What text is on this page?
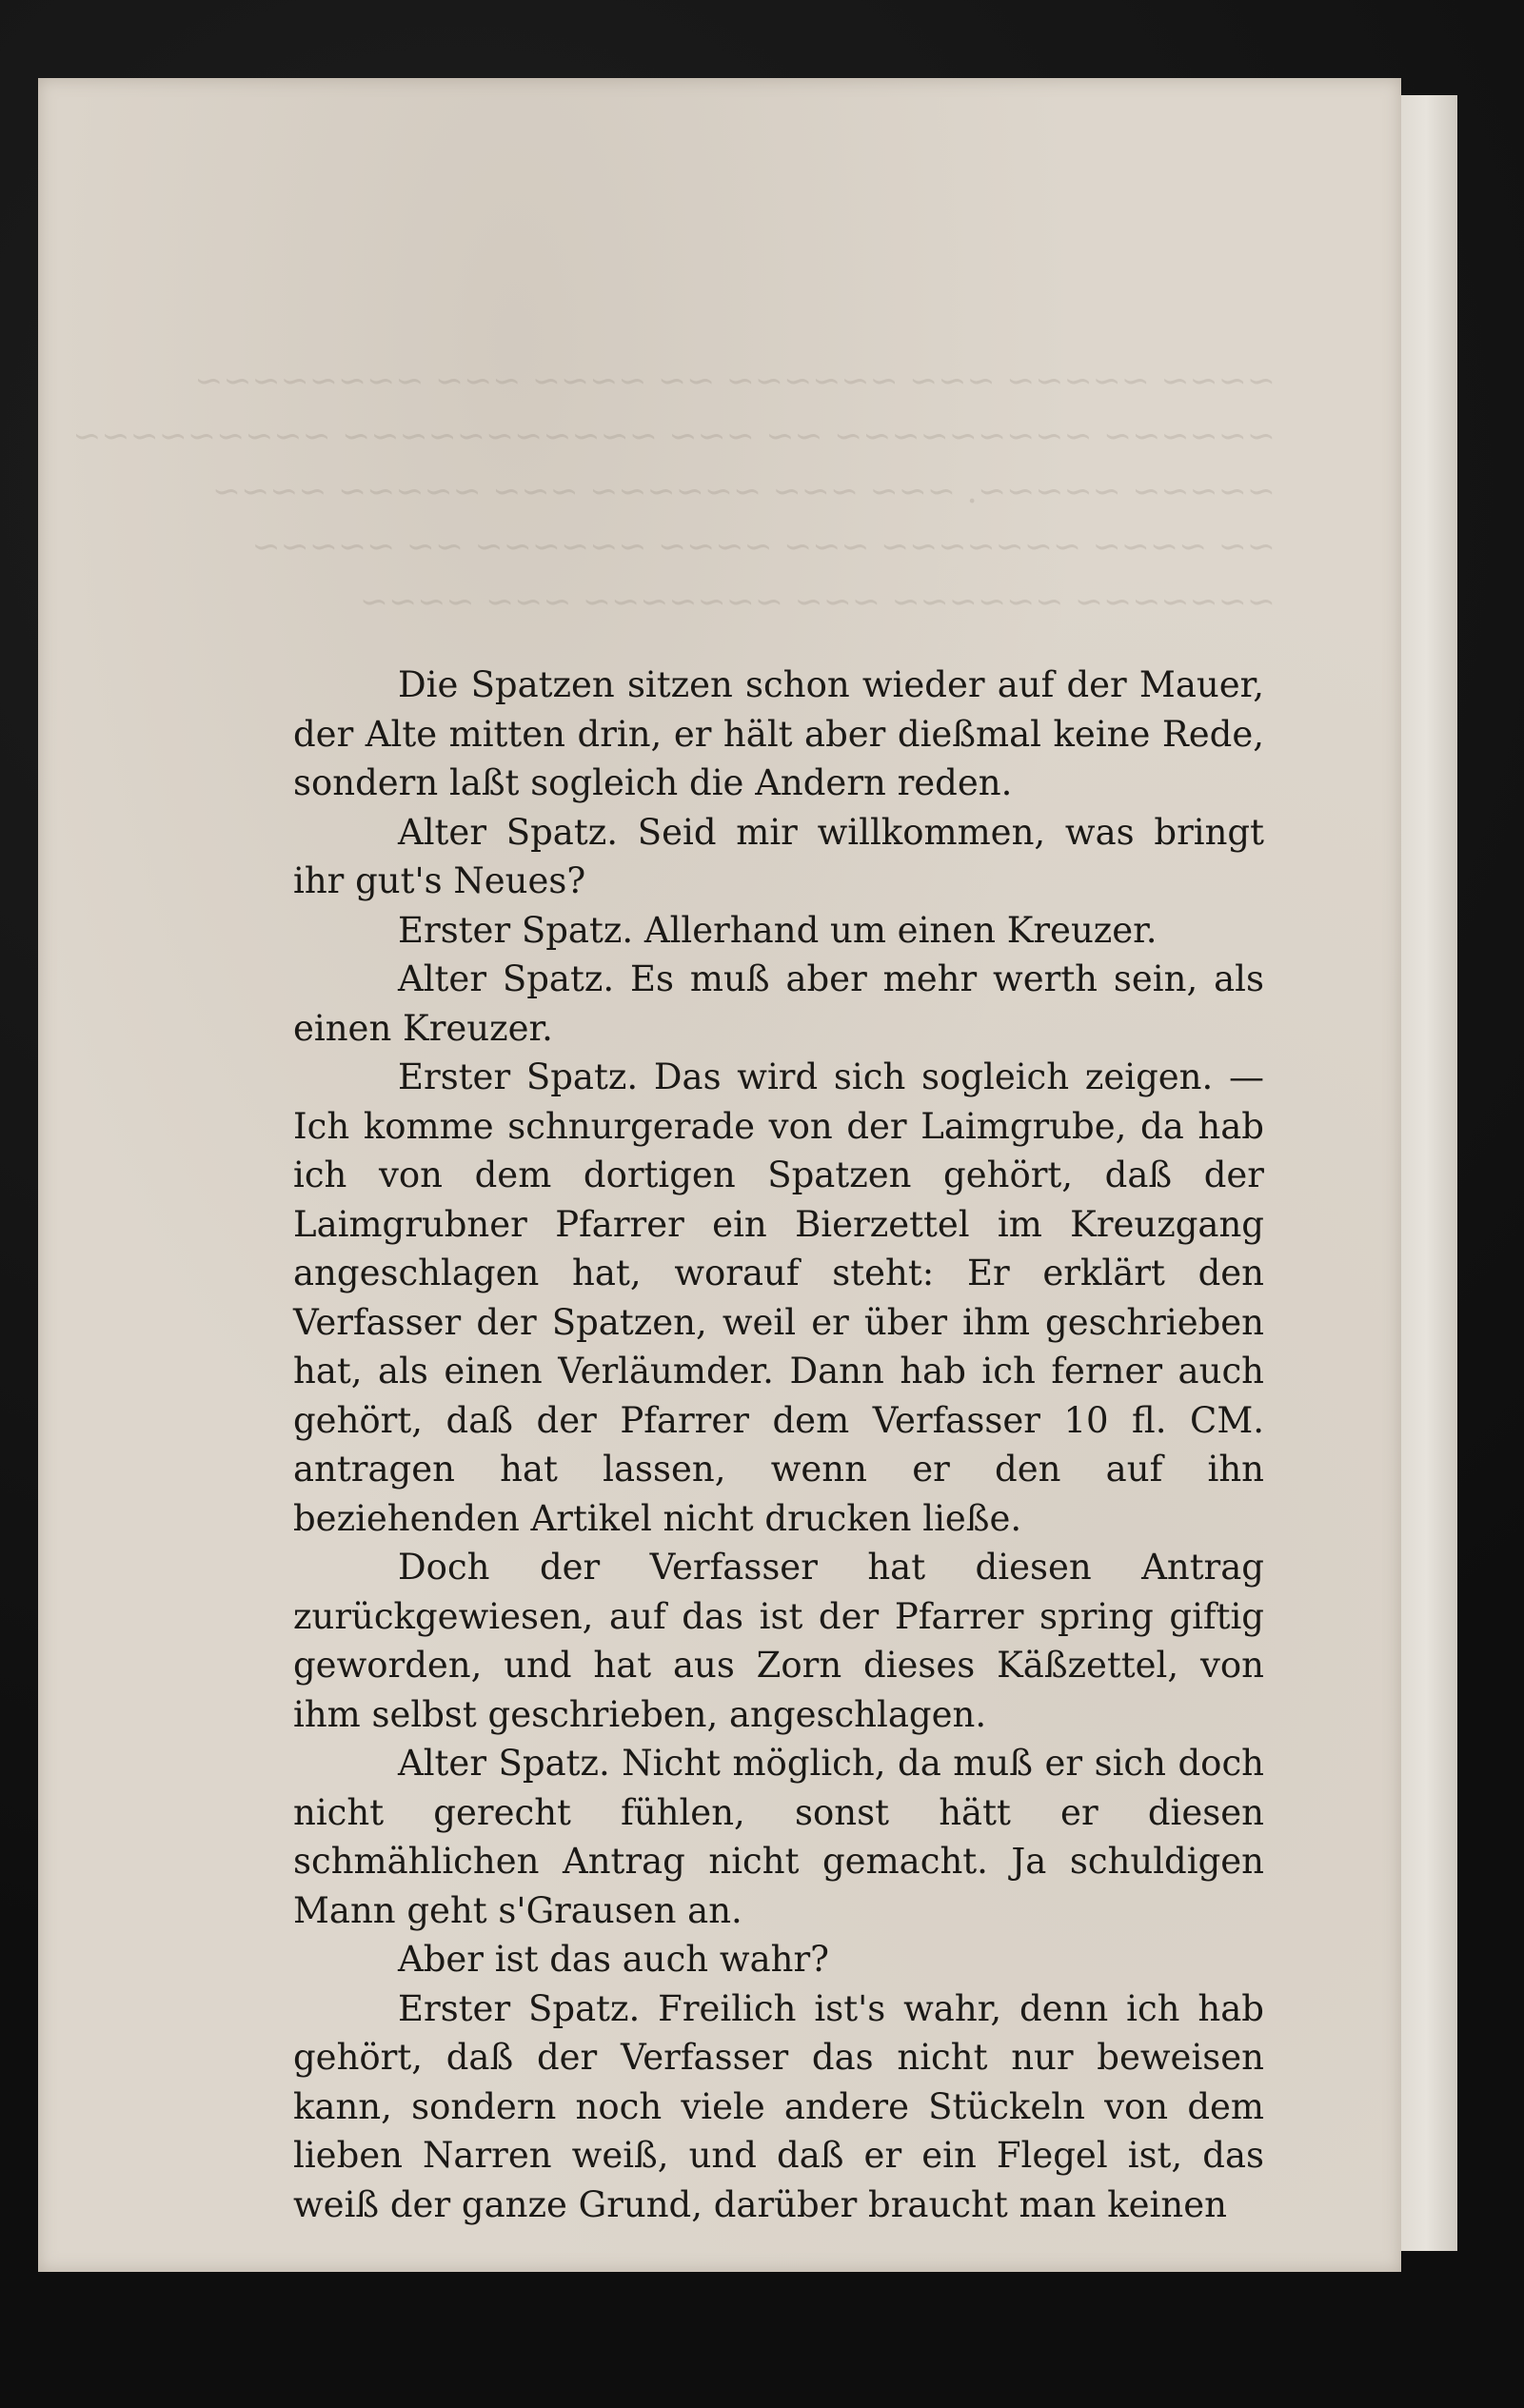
~~~~ ~~~~~ ~~~ ~~~~~~ ~~ ~~~~ ~~~ ~~~~~~~~
~~~~~~ ~~~~~~~~~ ~~ ~~~ ~~~~~~~~~~~ ~~~~~~~~~
~~~~~ ~~~~~. ~~~ ~~~ ~~~~~~ ~~~ ~~~~~ ~~~~
~~ ~~~~ ~~~~~~~ ~~~ ~~~~ ~~~~~~ ~~ ~~~~~
~~~~~~~ ~~~~~~ ~~~ ~~~~~~~ ~~~ ~~~~

Die Spatzen sitzen schon wieder auf der Mauer, der Alte mitten drin, er hält aber dießmal keine Rede, sondern laßt sogleich die Andern reden.

Alter Spatz. Seid mir willkommen, was bringt ihr gut's Neues?

Erster Spatz. Allerhand um einen Kreuzer.

Alter Spatz. Es muß aber mehr werth sein, als einen Kreuzer.

Erster Spatz. Das wird sich sogleich zeigen. — Ich komme schnurgerade von der Laimgrube, da hab ich von dem dortigen Spatzen gehört, daß der Laimgrubner Pfarrer ein Bierzettel im Kreuzgang angeschlagen hat, worauf steht: Er erklärt den Verfasser der Spatzen, weil er über ihm geschrieben hat, als einen Verläumder. Dann hab ich ferner auch gehört, daß der Pfarrer dem Verfasser 10 fl. CM. antragen hat lassen, wenn er den auf ihn beziehenden Artikel nicht drucken ließe.

Doch der Verfasser hat diesen Antrag zurückgewiesen, auf das ist der Pfarrer spring giftig geworden, und hat aus Zorn dieses Käßzettel, von ihm selbst geschrieben, angeschlagen.

Alter Spatz. Nicht möglich, da muß er sich doch nicht gerecht fühlen, sonst hätt er diesen schmählichen Antrag nicht gemacht. Ja schuldigen Mann geht s'Grausen an.

Aber ist das auch wahr?

Erster Spatz. Freilich ist's wahr, denn ich hab gehört, daß der Verfasser das nicht nur beweisen kann, sondern noch viele andere Stückeln von dem lieben Narren weiß, und daß er ein Flegel ist, das weiß der ganze Grund, darüber braucht man keinen
